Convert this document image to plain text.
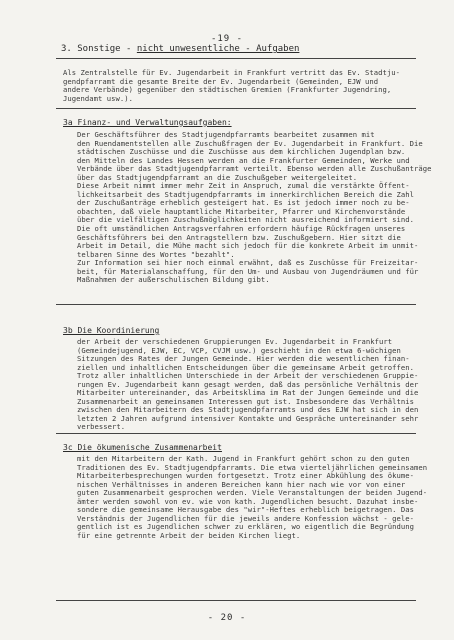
-19 -
3. Sonstige - nicht unwesentliche - Aufgaben
Als Zentralstelle für Ev. Jugendarbeit in Frankfurt vertritt das Ev. Stadtju-
gendpfarramt die gesamte Breite der Ev. Jugendarbeit (Gemeinden, EJW und
andere Verbände) gegenüber den städtischen Gremien (Frankfurter Jugendring,
Jugendamt usw.).
3a Finanz- und Verwaltungsaufgaben:
Der Geschäftsführer des Stadtjugendpfarramts bearbeitet zusammen mit
den Ruendamentstellen alle Zuschußfragen der Ev. Jugendarbeit in Frankfurt. Die
städtischen Zuschüsse und die Zuschüsse aus dem kirchlichen Jugendplan bzw.
den Mitteln des Landes Hessen werden an die Frankfurter Gemeinden, Werke und
Verbände über das Stadtjugendpfarramt verteilt. Ebenso werden alle Zuschußanträge
über das Stadtjugendpfarramt an die Zuschußgeber weitergeleitet.
Diese Arbeit nimmt immer mehr Zeit in Anspruch, zumal die verstärkte Öffent-
lichkeitsarbeit des Stadtjugendpfarramts im innerkirchlichen Bereich die Zahl
der Zuschußanträge erheblich gesteigert hat. Es ist jedoch immer noch zu be-
obachten, daß viele hauptamtliche Mitarbeiter, Pfarrer und Kirchenvorstände
über die vielfältigen Zuschußmöglichkeiten nicht ausreichend informiert sind.
Die oft umständlichen Antragsverfahren erfordern häufige Rückfragen unseres
Geschäftsführers bei den Antragstellern bzw. Zuschußgebern. Hier sitzt die
Arbeit im Detail, die Mühe macht sich jedoch für die konkrete Arbeit im unmit-
telbaren Sinne des Wortes "bezahlt".
Zur Information sei hier noch einmal erwähnt, daß es Zuschüsse für Freizeitar-
beit, für Materialanschaffung, für den Um- und Ausbau von Jugendräumen und für
Maßnahmen der außerschulischen Bildung gibt.
3b Die Koordinierung
der Arbeit der verschiedenen Gruppierungen Ev. Jugendarbeit in Frankfurt
(Gemeindejugend, EJW, EC, VCP, CVJM usw.) geschieht in den etwa 6-wöchigen
Sitzungen des Rates der Jungen Gemeinde. Hier werden die wesentlichen finan-
ziellen und inhaltlichen Entscheidungen über die gemeinsame Arbeit getroffen.
Trotz aller inhaltlichen Unterschiede in der Arbeit der verschiedenen Gruppie-
rungen Ev. Jugendarbeit kann gesagt werden, daß das persönliche Verhältnis der
Mitarbeiter untereinander, das Arbeitsklima im Rat der Jungen Gemeinde und die
Zusammenarbeit an gemeinsamen Interessen gut ist. Insbesondere das Verhältnis
zwischen den Mitarbeitern des Stadtjugendpfarramts und des EJW hat sich in den
letzten 2 Jahren aufgrund intensiver Kontakte und Gespräche untereinander sehr
verbessert.
3c Die ökumenische Zusammenarbeit
mit den Mitarbeitern der Kath. Jugend in Frankfurt gehört schon zu den guten
Traditionen des Ev. Stadtjugendpfarramts. Die etwa vierteljährlichen gemeinsamen
Mitarbeiterbesprechungen wurden fortgesetzt. Trotz einer Abkühlung des ökume-
nischen Verhältnisses in anderen Bereichen kann hier nach wie vor von einer
guten Zusammenarbeit gesprochen werden. Viele Veranstaltungen der beiden Jugend-
ämter werden sowohl von ev. wie von kath. Jugendlichen besucht. Dazuhat insbe-
sondere die gemeinsame Herausgabe des "wir"-Heftes erheblich beigetragen. Das
Verständnis der Jugendlichen für die jeweils andere Konfession wächst - gele-
gentlich ist es Jugendlichen schwer zu erklären, wo eigentlich die Begründung
für eine getrennte Arbeit der beiden Kirchen liegt.
- 20 -
